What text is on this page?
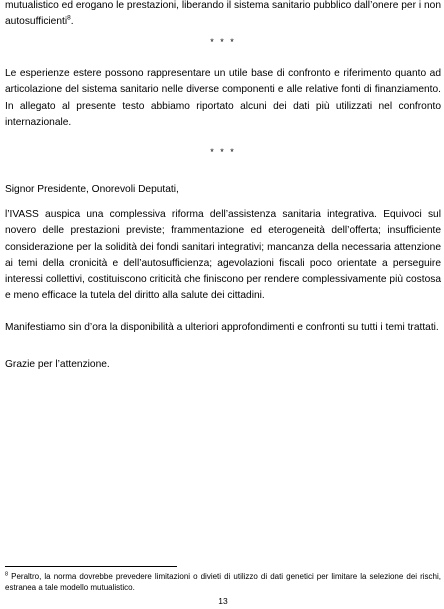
mutualistico ed erogano le prestazioni, liberando il sistema sanitario pubblico dall’onere per i non autosufficienti$^8$.

* * *

Le esperienze estere possono rappresentare un utile base di confronto e riferimento quanto ad articolazione del sistema sanitario nelle diverse componenti e alle relative fonti di finanziamento. In allegato al presente testo abbiamo riportato alcuni dei dati più utilizzati nel confronto internazionale.

* * *

Signor Presidente, Onorevoli Deputati,

l’IVASS auspica una complessiva riforma dell’assistenza sanitaria integrativa. Equivoci sul novero delle prestazioni previste; frammentazione ed eterogeneità dell’offerta; insufficiente considerazione per la solidità dei fondi sanitari integrativi; mancanza della necessaria attenzione ai temi della cronicità e dell’autosufficienza; agevolazioni fiscali poco orientate a perseguire interessi collettivi, costituiscono criticità che finiscono per rendere complessivamente più costosa e meno efficace la tutela del diritto alla salute dei cittadini.

Manifestiamo sin d’ora la disponibilità a ulteriori approfondimenti e confronti su tutti i temi trattati.

Grazie per l’attenzione.

$^8$ Peraltro, la norma dovrebbe prevedere limitazioni o divieti di utilizzo di dati genetici per limitare la selezione dei rischi, estranea a tale modello mutualistico.

13
